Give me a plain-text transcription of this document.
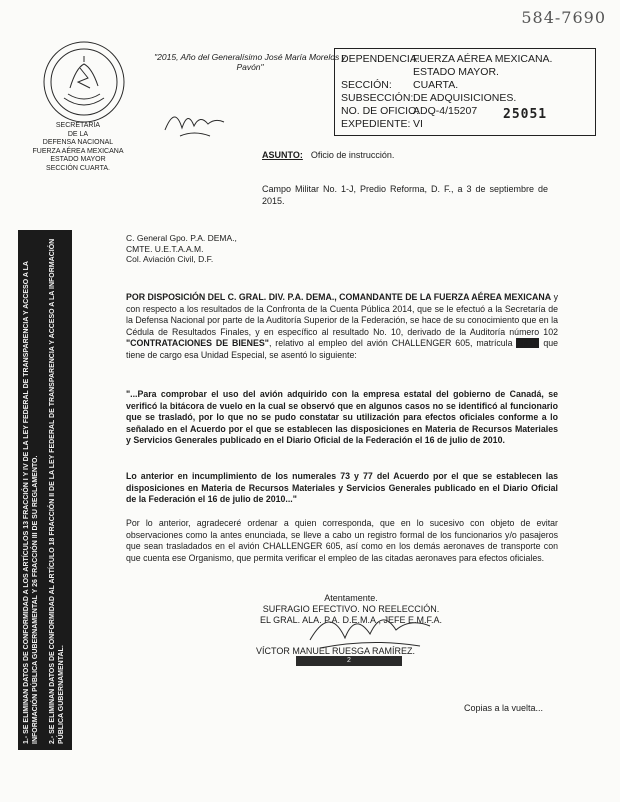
584-7690
SECRETARÍA
DE LA
DEFENSA NACIONAL
FUERZA AÉREA MEXICANA
ESTADO MAYOR
SECCIÓN CUARTA.
"2015, Año del Generalísimo José María Morelos y Pavón"
DEPENDENCIA:FUERZA AÉREA MEXICANA.
ESTADO MAYOR.
SECCIÓN: CUARTA.
SUBSECCIÓN:DE ADQUISICIONES.
NO. DE OFICIO:ADQ-4/15207
EXPEDIENTE: VI
25051
ASUNTO: Oficio de instrucción.
Campo Militar No. 1-J, Predio Reforma, D. F., a 3 de septiembre de 2015.
C. General Gpo. P.A. DEMA.,
CMTE. U.E.T.A.A.M.
Col. Aviación Civil, D.F.
POR DISPOSICIÓN DEL C. GRAL. DIV. P.A. DEMA., COMANDANTE DE LA FUERZA AÉREA MEXICANA y con respecto a los resultados de la Confronta de la Cuenta Pública 2014, que se le efectuó a la Secretaría de la Defensa Nacional por parte de la Auditoría Superior de la Federación, se hace de su conocimiento que en la Cédula de Resultados Finales, y en específico al resultado No. 10, derivado de la Auditoría número 102 "CONTRATACIONES DE BIENES", relativo al empleo del avión CHALLENGER 605, matrícula 3911 que tiene de cargo esa Unidad Especial, se asentó lo siguiente:
"...Para comprobar el uso del avión adquirido con la empresa estatal del gobierno de Canadá, se verificó la bitácora de vuelo en la cual se observó que en algunos casos no se identificó al funcionario que se trasladó, por lo que no se pudo constatar su utilización para efectos oficiales conforme a lo señalado en el Acuerdo por el que se establecen las disposiciones en Materia de Recursos Materiales y Servicios Generales publicado en el Diario Oficial de la Federación el 16 de julio de 2010.
Lo anterior en incumplimiento de los numerales 73 y 77 del Acuerdo por el que se establecen las disposiciones en Materia de Recursos Materiales y Servicios Generales publicado en el Diario Oficial de la Federación el 16 de julio de 2010..."
Por lo anterior, agradeceré ordenar a quien corresponda, que en lo sucesivo con objeto de evitar observaciones como la antes enunciada, se lleve a cabo un registro formal de los funcionarios y/o pasajeros que sean trasladados en el avión CHALLENGER 605, así como en los demás aeronaves de transporte con que cuenta ese Organismo, que permita verificar el empleo de las citadas aeronaves para efectos oficiales.
Atentamente.
SUFRAGIO EFECTIVO. NO REELECCIÓN.
EL GRAL. ALA. P.A. D.E.M.A., JEFE E.M.F.A.
VÍCTOR MANUEL RUESGA RAMÍREZ.
2
Copias a la vuelta...
1.- SE ELIMINAN DATOS DE CONFORMIDAD A LOS ARTÍCULOS 13 FRACCIÓN I Y IV DE LA LEY FEDERAL DE TRANSPARENCIA Y ACCESO A LA INFORMACIÓN PÚBLICA GUBERNAMENTAL Y 26 FRACCIÓN III DE SU REGLAMENTO. 2.- SE ELIMINAN DATOS DE CONFORMIDAD AL ARTÍCULO 18 FRACCIÓN II DE LA LEY FEDERAL DE TRANSPARENCIA Y ACCESO A LA INFORMACIÓN PÚBLICA GUBERNAMENTAL.
